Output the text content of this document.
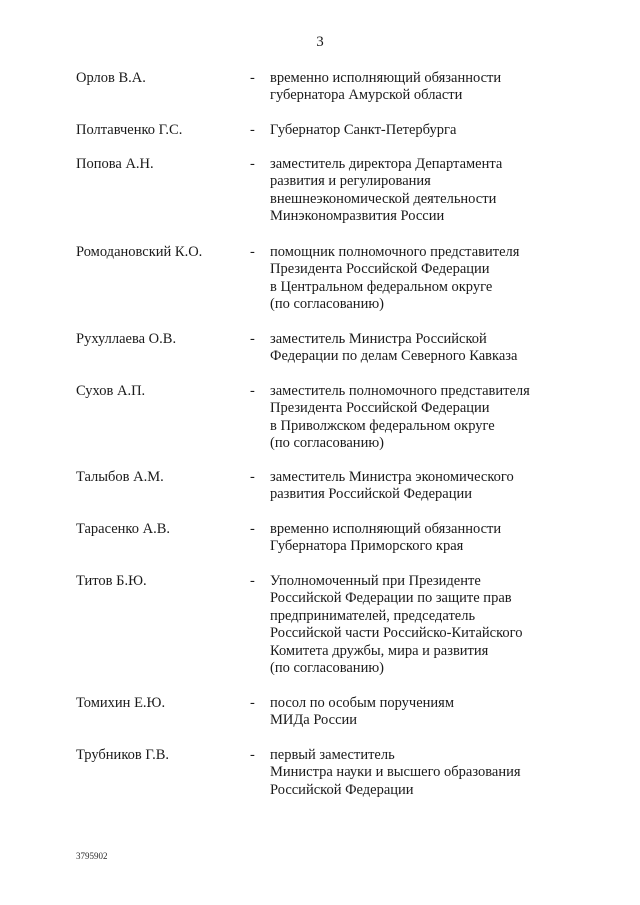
3
Орлов В.А.	- временно исполняющий обязанности
губернатора Амурской области
Полтавченко Г.С.	- Губернатор Санкт-Петербурга
Попова А.Н.	- заместитель директора Департамента
развития и регулирования
внешнеэкономической деятельности
Минэкономразвития России
Ромодановский К.О.	- помощник полномочного представителя
Президента Российской Федерации
в Центральном федеральном округе
(по согласованию)
Рухуллаева О.В.	- заместитель Министра Российской
Федерации по делам Северного Кавказа
Сухов А.П.	- заместитель полномочного представителя
Президента Российской Федерации
в Приволжском федеральном округе
(по согласованию)
Талыбов А.М.	- заместитель Министра экономического
развития Российской Федерации
Тарасенко А.В.	- временно исполняющий обязанности
Губернатора Приморского края
Титов Б.Ю.	- Уполномоченный при Президенте
Российской Федерации по защите прав
предпринимателей, председатель
Российской части Российско-Китайского
Комитета дружбы, мира и развития
(по согласованию)
Томихин Е.Ю.	- посол по особым поручениям
МИДа России
Трубников Г.В.	- первый заместитель
Министра науки и высшего образования
Российской Федерации
3795902
